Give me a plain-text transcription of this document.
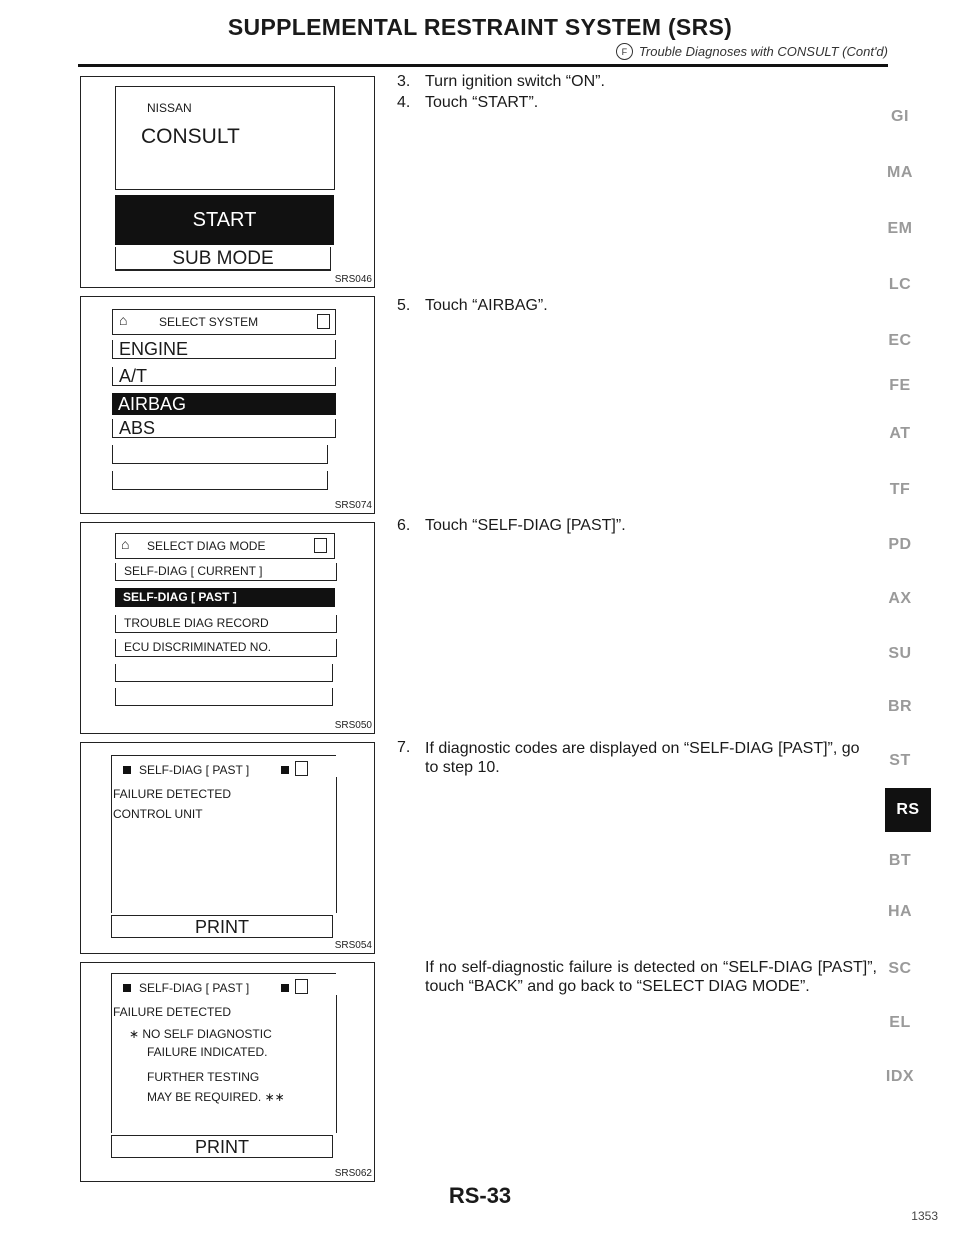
SUPPLEMENTAL RESTRAINT SYSTEM (SRS)
F Trouble Diagnoses with CONSULT (Cont'd)
NISSAN
CONSULT
START
SUB MODE
SRS046
⌂	SELECT SYSTEM
ENGINE
A/T
AIRBAG
ABS
SRS074
⌂ SELECT DIAG MODE
SELF-DIAG [ CURRENT ]
SELF-DIAG [ PAST ]
TROUBLE DIAG RECORD
ECU DISCRIMINATED NO.
SRS050
SELF-DIAG [ PAST ]
FAILURE DETECTED
CONTROL UNIT
PRINT
SRS054
SELF-DIAG [ PAST ]
FAILURE DETECTED
∗ NO SELF DIAGNOSTIC
FAILURE INDICATED.
FURTHER TESTING
MAY BE REQUIRED. ∗∗
PRINT
SRS062
3. Turn ignition switch “ON”.
4. Touch “START”.
5. Touch “AIRBAG”.
6. Touch “SELF-DIAG [PAST]”.
7. If diagnostic codes are displayed on “SELF-DIAG [PAST]”, go to step 10.
If no self-diagnostic failure is detected on “SELF-DIAG [PAST]”, touch “BACK” and go back to “SELECT DIAG MODE”.
GI
MA
EM
LC
EC
FE
AT
TF
PD
AX
SU
BR
ST
RS
BT
HA
SC
EL
IDX
RS-33
1353
